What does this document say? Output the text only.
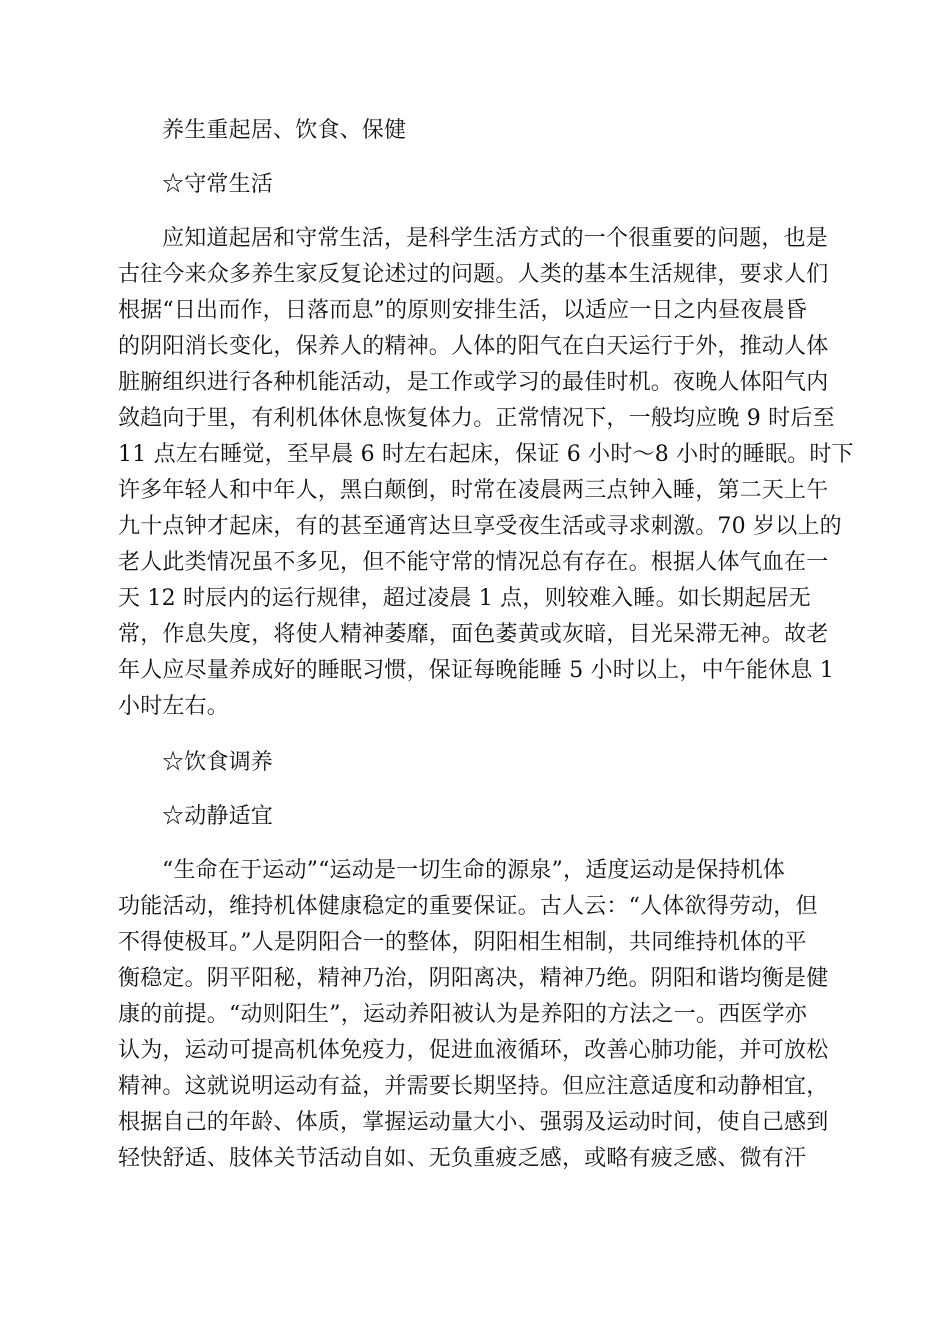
养生重起居、饮食、保健
☆守常生活
应知道起居和守常生活，是科学生活方式的一个很重要的问题，也是
古往今来众多养生家反复论述过的问题。人类的基本生活规律，要求人们
根据“日出而作，日落而息”的原则安排生活，以适应一日之内昼夜晨昏
的阴阳消长变化，保养人的精神。人体的阳气在白天运行于外，推动人体
脏腑组织进行各种机能活动，是工作或学习的最佳时机。夜晚人体阳气内
敛趋向于里，有利机体休息恢复体力。正常情况下，一般均应晚 9 时后至
11 点左右睡觉，至早晨 6 时左右起床，保证 6 小时～8 小时的睡眠。时下
许多年轻人和中年人，黑白颠倒，时常在凌晨两三点钟入睡，第二天上午
九十点钟才起床，有的甚至通宵达旦享受夜生活或寻求刺激。70 岁以上的
老人此类情况虽不多见，但不能守常的情况总有存在。根据人体气血在一
天 12 时辰内的运行规律，超过凌晨 1 点，则较难入睡。如长期起居无
常，作息失度，将使人精神萎靡，面色萎黄或灰暗，目光呆滞无神。故老
年人应尽量养成好的睡眠习惯，保证每晚能睡 5 小时以上，中午能休息 1
小时左右。
☆饮食调养
☆动静适宜
“生命在于运动”“运动是一切生命的源泉”，适度运动是保持机体
功能活动，维持机体健康稳定的重要保证。古人云：“人体欲得劳动，但
不得使极耳。”人是阴阳合一的整体，阴阳相生相制，共同维持机体的平
衡稳定。阴平阳秘，精神乃治，阴阳离决，精神乃绝。阴阳和谐均衡是健
康的前提。“动则阳生”，运动养阳被认为是养阳的方法之一。西医学亦
认为，运动可提高机体免疫力，促进血液循环，改善心肺功能，并可放松
精神。这就说明运动有益，并需要长期坚持。但应注意适度和动静相宜，
根据自己的年龄、体质，掌握运动量大小、强弱及运动时间，使自己感到
轻快舒适、肢体关节活动自如、无负重疲乏感，或略有疲乏感、微有汗
